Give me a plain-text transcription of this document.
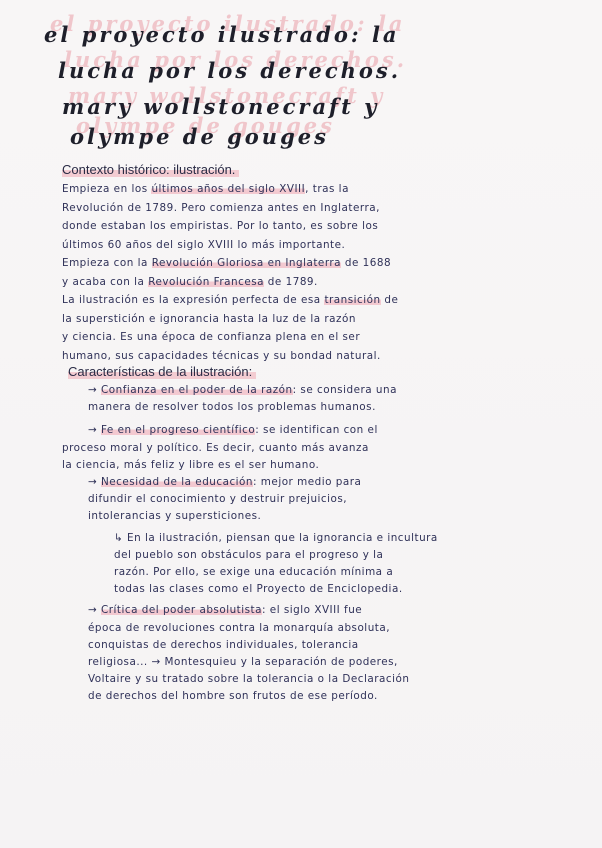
el proyecto ilustrado: la
lucha por los derechos.
mary wollstonecraft y
olympe de gouges
Contexto histórico: ilustración.
Empieza en los últimos años del siglo XVIII, tras la
Revolución de 1789. Pero comienza antes en Inglaterra,
donde estaban los empiristas. Por lo tanto, es sobre los
últimos 60 años del siglo XVIII lo más importante.
Empieza con la Revolución Gloriosa en Inglaterra de 1688
y acaba con la Revolución Francesa de 1789.
La ilustración es la expresión perfecta de esa transición de
la superstición e ignorancia hasta la luz de la razón
y ciencia. Es una época de confianza plena en el ser
humano, sus capacidades técnicas y su bondad natural.
Características de la ilustración:
→ Confianza en el poder de la razón: se considera una
manera de resolver todos los problemas humanos.
→ Fe en el progreso científico: se identifican con el
proceso moral y político. Es decir, cuanto más avanza
la ciencia, más feliz y libre es el ser humano.
→ Necesidad de la educación: mejor medio para
difundir el conocimiento y destruir prejuicios,
intolerancias y supersticiones.
↳ En la ilustración, piensan que la ignorancia e incultura
del pueblo son obstáculos para el progreso y la
razón. Por ello, se exige una educación mínima a
todas las clases como el Proyecto de Enciclopedia.
→ Crítica del poder absolutista: el siglo XVIII fue
época de revoluciones contra la monarquía absoluta,
conquistas de derechos individuales, tolerancia
religiosa... → Montesquieu y la separación de poderes,
Voltaire y su tratado sobre la tolerancia o la Declaración
de derechos del hombre son frutos de ese período.
